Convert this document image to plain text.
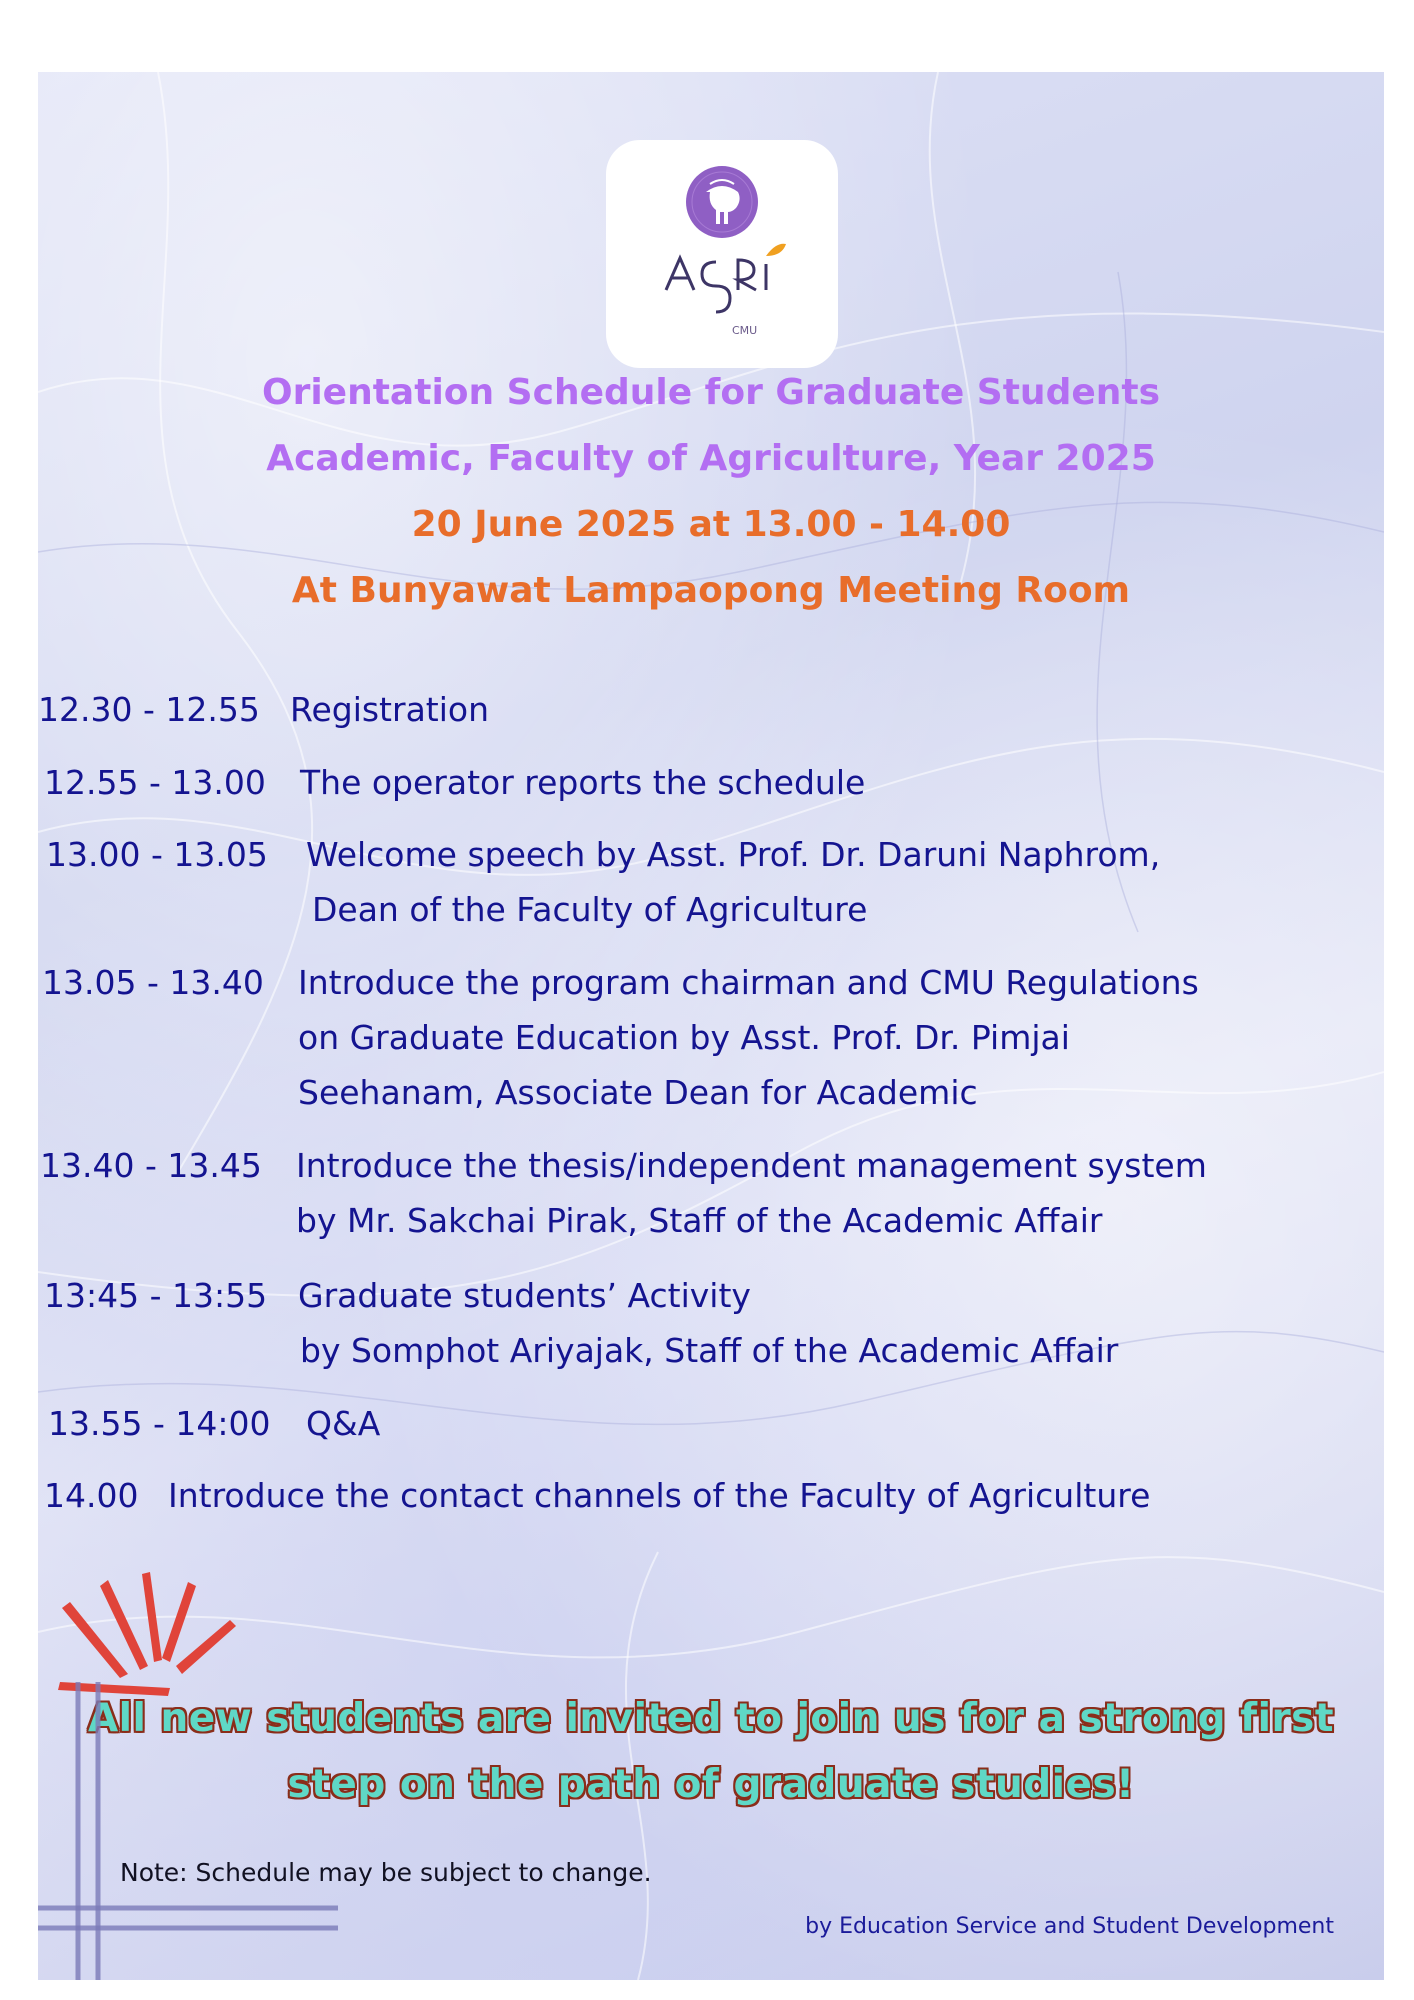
CMU
Orientation Schedule for Graduate Students
Academic, Faculty of Agriculture, Year 2025
20 June 2025 at 13.00 - 14.00
At Bunyawat Lampaopong Meeting Room
12.30 - 12.55 Registration
12.55 - 13.00 The operator reports the schedule
13.00 - 13.05 Welcome speech by Asst. Prof. Dr. Daruni Naphrom,
Dean of the Faculty of Agriculture
13.05 - 13.40 Introduce the program chairman and CMU Regulations
on Graduate Education by Asst. Prof. Dr. Pimjai
Seehanam, Associate Dean for Academic
13.40 - 13.45 Introduce the thesis/independent management system
by Mr. Sakchai Pirak, Staff of the Academic Affair
13:45 - 13:55 Graduate students’ Activity
by Somphot Ariyajak, Staff of the Academic Affair
13.55 - 14:00 Q&A
14.00 Introduce the contact channels of the Faculty of Agriculture

All new students are invited to join us for a strong first

step on the path of graduate studies!

Note: Schedule may be subject to change.
by Education Service and Student Development
